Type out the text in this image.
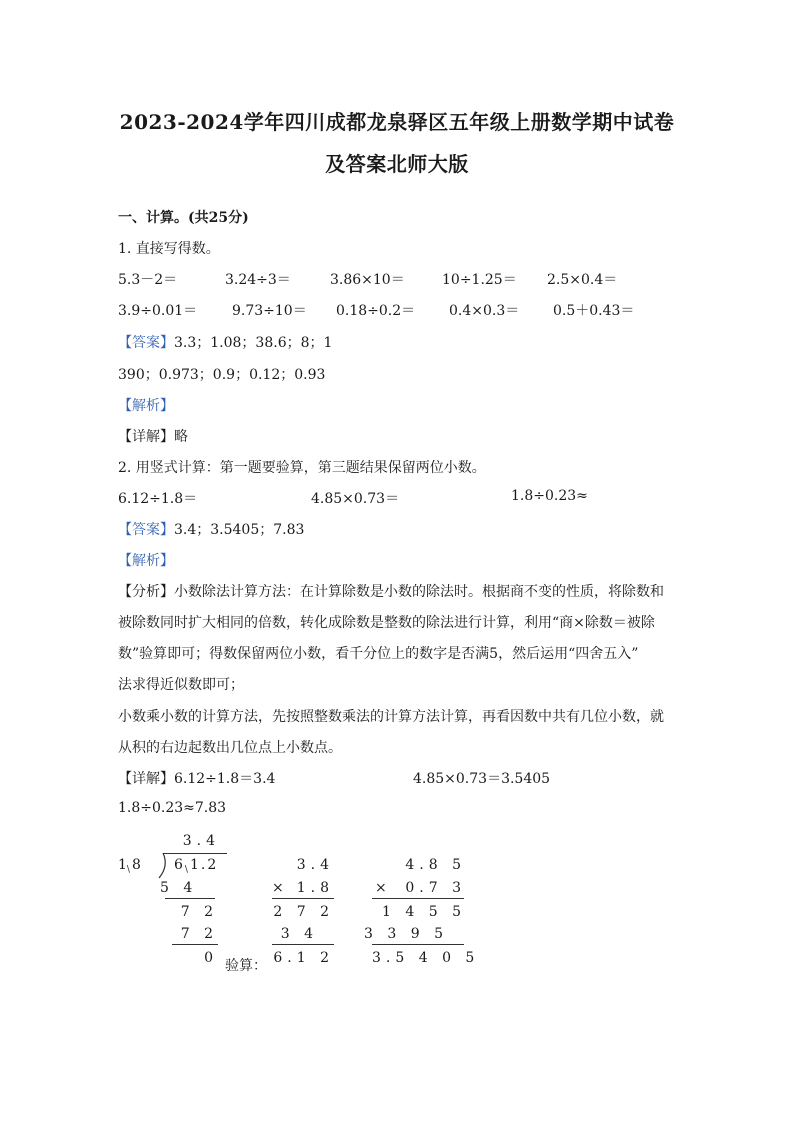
2023-2024学年四川成都龙泉驿区五年级上册数学期中试卷
及答案北师大版
一、计算。(共25分)
1. 直接写得数。
5.3－2＝	3.24÷3＝	3.86×10＝	10÷1.25＝ 2.5×0.4＝
3.9÷0.01＝ 9.73÷10＝ 0.18÷0.2＝ 0.4×0.3＝ 0.5＋0.43＝
【答案】3.3；1.08；38.6；8；1
390；0.973；0.9；0.12；0.93
【解析】
【详解】略
2. 用竖式计算：第一题要验算，第三题结果保留两位小数。
6.12÷1.8＝	4.85×0.73＝	1.8÷0.23≈
【答案】3.4；3.5405；7.83
【解析】
【分析】小数除法计算方法：在计算除数是小数的除法时。根据商不变的性质，将除数和
被除数同时扩大相同的倍数，转化成除数是整数的除法进行计算，利用“商×除数＝被除
数”验算即可；得数保留两位小数，看千分位上的数字是否满5，然后运用“四舍五入”
法求得近似数即可；
小数乘小数的计算方法，先按照整数乘法的计算方法计算，再看因数中共有几位小数，就
从积的右边起数出几位点上小数点。
【详解】6.12÷1.8＝3.4	4.85×0.73＝3.5405
1.8÷0.23≈7.83
3.4
$1_\backslash$ 8 $6_\backslash 1.2$
5 4
7 2
7 2
0 验算：
3.4
× 1.8
2 7 2
3 4
6.1 2
4.8 5
×	0.7 3
1 4 5 5
3 3 9 5
3.5 4 0 5
